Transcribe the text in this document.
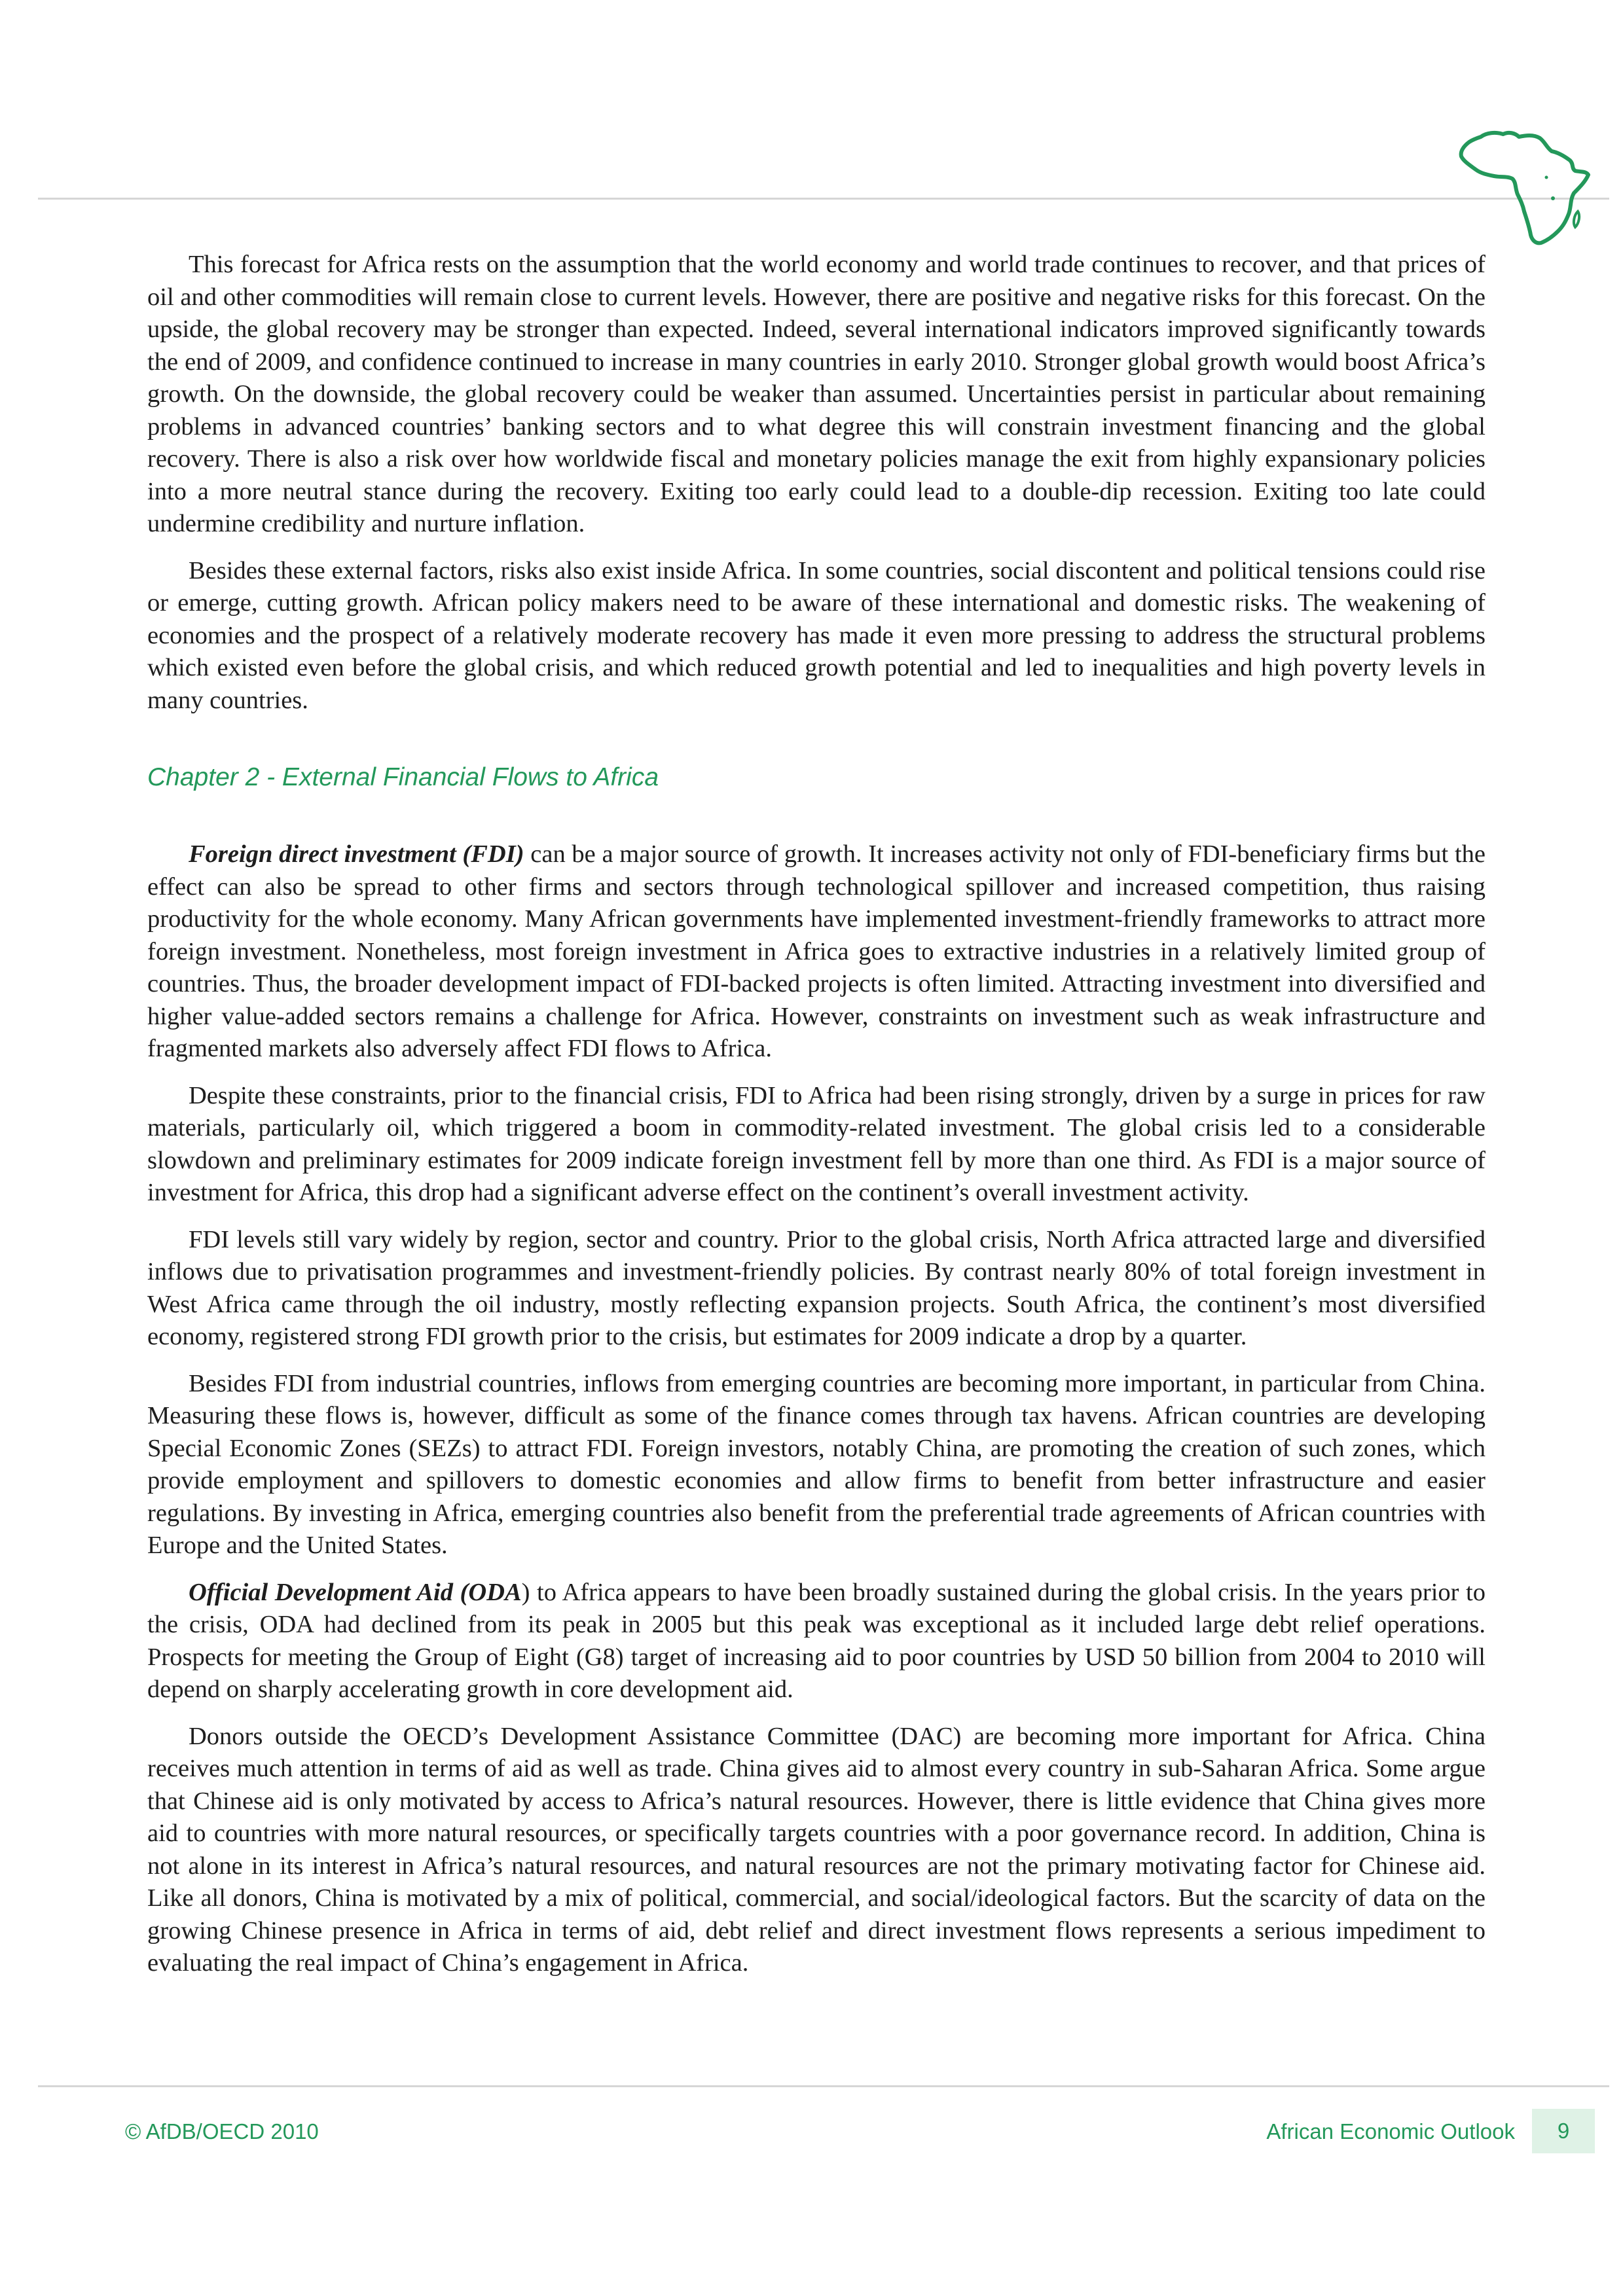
This forecast for Africa rests on the assumption that the world economy and world trade continues to recover, and that prices of oil and other commodities will remain close to current levels. However, there are positive and negative risks for this forecast. On the upside, the global recovery may be stronger than expected. Indeed, several international indicators improved significantly towards the end of 2009, and confidence continued to increase in many countries in early 2010. Stronger global growth would boost Africa’s growth. On the downside, the global recovery could be weaker than assumed. Uncertainties persist in particular about remaining problems in advanced countries’ banking sectors and to what degree this will constrain investment financing and the global recovery. There is also a risk over how worldwide fiscal and monetary policies manage the exit from highly expansionary policies into a more neutral stance during the recovery. Exiting too early could lead to a double-dip recession. Exiting too late could undermine credibility and nurture inflation.

Besides these external factors, risks also exist inside Africa. In some countries, social discontent and political tensions could rise or emerge, cutting growth. African policy makers need to be aware of these international and domestic risks. The weakening of economies and the prospect of a relatively moderate recovery has made it even more pressing to address the structural problems which existed even before the global crisis, and which reduced growth potential and led to inequalities and high poverty levels in many countries.

Chapter 2 - External Financial Flows to Africa

Foreign direct investment (FDI) can be a major source of growth. It increases activity not only of FDI-beneficiary firms but the effect can also be spread to other firms and sectors through technological spillover and increased competition, thus raising productivity for the whole economy. Many African governments have implemented investment-friendly frameworks to attract more foreign investment. Nonetheless, most foreign investment in Africa goes to extractive industries in a relatively limited group of countries. Thus, the broader development impact of FDI-backed projects is often limited. Attracting investment into diversified and higher value-added sectors remains a challenge for Africa. However, constraints on investment such as weak infrastructure and fragmented markets also adversely affect FDI flows to Africa.

Despite these constraints, prior to the financial crisis, FDI to Africa had been rising strongly, driven by a surge in prices for raw materials, particularly oil, which triggered a boom in commodity-related investment. The global crisis led to a considerable slowdown and preliminary estimates for 2009 indicate foreign investment fell by more than one third. As FDI is a major source of investment for Africa, this drop had a significant adverse effect on the continent’s overall investment activity.

FDI levels still vary widely by region, sector and country. Prior to the global crisis, North Africa attracted large and diversified inflows due to privatisation programmes and investment-friendly policies. By contrast nearly 80% of total foreign investment in West Africa came through the oil industry, mostly reflecting expansion projects. South Africa, the continent’s most diversified economy, registered strong FDI growth prior to the crisis, but estimates for 2009 indicate a drop by a quarter.

Besides FDI from industrial countries, inflows from emerging countries are becoming more important, in particular from China. Measuring these flows is, however, difficult as some of the finance comes through tax havens. African countries are developing Special Economic Zones (SEZs) to attract FDI. Foreign investors, notably China, are promoting the creation of such zones, which provide employment and spillovers to domestic economies and allow firms to benefit from better infrastructure and easier regulations. By investing in Africa, emerging countries also benefit from the preferential trade agreements of African countries with Europe and the United States.

Official Development Aid (ODA) to Africa appears to have been broadly sustained during the global crisis. In the years prior to the crisis, ODA had declined from its peak in 2005 but this peak was exceptional as it included large debt relief operations. Prospects for meeting the Group of Eight (G8) target of increasing aid to poor countries by USD 50 billion from 2004 to 2010 will depend on sharply accelerating growth in core development aid.

Donors outside the OECD’s Development Assistance Committee (DAC) are becoming more important for Africa. China receives much attention in terms of aid as well as trade. China gives aid to almost every country in sub-Saharan Africa. Some argue that Chinese aid is only motivated by access to Africa’s natural resources. However, there is little evidence that China gives more aid to countries with more natural resources, or specifically targets countries with a poor governance record. In addition, China is not alone in its interest in Africa’s natural resources, and natural resources are not the primary motivating factor for Chinese aid. Like all donors, China is motivated by a mix of political, commercial, and social/ideological factors. But the scarcity of data on the growing Chinese presence in Africa in terms of aid, debt relief and direct investment flows represents a serious impediment to evaluating the real impact of China’s engagement in Africa.

© AfDB/OECD 2010	African Economic Outlook 9
